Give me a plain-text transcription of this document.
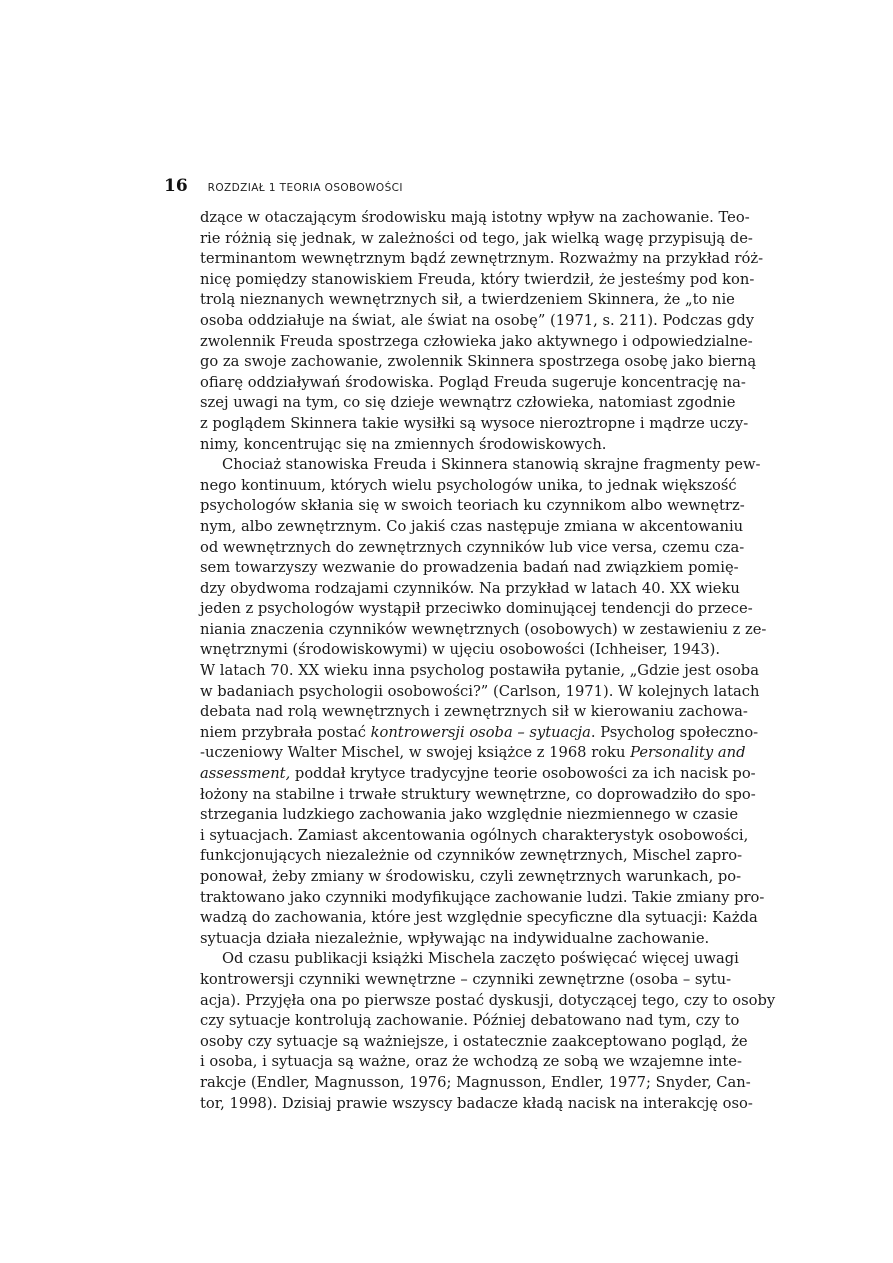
16 ROZDZIAŁ 1 TEORIA OSOBOWOŚCI
dzące w otaczającym środowisku mają istotny wpływ na zachowanie. Teo-
rie różnią się jednak, w zależności od tego, jak wielką wagę przypisują de-
terminantom wewnętrznym bądź zewnętrznym. Rozważmy na przykład róż-
nicę pomiędzy stanowiskiem Freuda, który twierdził, że jesteśmy pod kon-
trolą nieznanych wewnętrznych sił, a twierdzeniem Skinnera, że „to nie
osoba oddziałuje na świat, ale świat na osobę” (1971, s. 211). Podczas gdy
zwolennik Freuda spostrzega człowieka jako aktywnego i odpowiedzialne-
go za swoje zachowanie, zwolennik Skinnera spostrzega osobę jako bierną
ofiarę oddziaływań środowiska. Pogląd Freuda sugeruje koncentrację na-
szej uwagi na tym, co się dzieje wewnątrz człowieka, natomiast zgodnie
z poglądem Skinnera takie wysiłki są wysoce nieroztropne i mądrze uczy-
nimy, koncentrując się na zmiennych środowiskowych.
Chociaż stanowiska Freuda i Skinnera stanowią skrajne fragmenty pew-
nego kontinuum, których wielu psychologów unika, to jednak większość
psychologów skłania się w swoich teoriach ku czynnikom albo wewnętrz-
nym, albo zewnętrznym. Co jakiś czas następuje zmiana w akcentowaniu
od wewnętrznych do zewnętrznych czynników lub vice versa, czemu cza-
sem towarzyszy wezwanie do prowadzenia badań nad związkiem pomię-
dzy obydwoma rodzajami czynników. Na przykład w latach 40. XX wieku
jeden z psychologów wystąpił przeciwko dominującej tendencji do przece-
niania znaczenia czynników wewnętrznych (osobowych) w zestawieniu z ze-
wnętrznymi (środowiskowymi) w ujęciu osobowości (Ichheiser, 1943).
W latach 70. XX wieku inna psycholog postawiła pytanie, „Gdzie jest osoba
w badaniach psychologii osobowości?” (Carlson, 1971). W kolejnych latach
debata nad rolą wewnętrznych i zewnętrznych sił w kierowaniu zachowa-
niem przybrała postać kontrowersji osoba – sytuacja. Psycholog społeczno-
-uczeniowy Walter Mischel, w swojej książce z 1968 roku Personality and
assessment, poddał krytyce tradycyjne teorie osobowości za ich nacisk po-
łożony na stabilne i trwałe struktury wewnętrzne, co doprowadziło do spo-
strzegania ludzkiego zachowania jako względnie niezmiennego w czasie
i sytuacjach. Zamiast akcentowania ogólnych charakterystyk osobowości,
funkcjonujących niezależnie od czynników zewnętrznych, Mischel zapro-
ponował, żeby zmiany w środowisku, czyli zewnętrznych warunkach, po-
traktowano jako czynniki modyfikujące zachowanie ludzi. Takie zmiany pro-
wadzą do zachowania, które jest względnie specyficzne dla sytuacji: Każda
sytuacja działa niezależnie, wpływając na indywidualne zachowanie.
Od czasu publikacji książki Mischela zaczęto poświęcać więcej uwagi
kontrowersji czynniki wewnętrzne – czynniki zewnętrzne (osoba – sytu-
acja). Przyjęła ona po pierwsze postać dyskusji, dotyczącej tego, czy to osoby
czy sytuacje kontrolują zachowanie. Później debatowano nad tym, czy to
osoby czy sytuacje są ważniejsze, i ostatecznie zaakceptowano pogląd, że
i osoba, i sytuacja są ważne, oraz że wchodzą ze sobą we wzajemne inte-
rakcje (Endler, Magnusson, 1976; Magnusson, Endler, 1977; Snyder, Can-
tor, 1998). Dzisiaj prawie wszyscy badacze kładą nacisk na interakcję oso-
